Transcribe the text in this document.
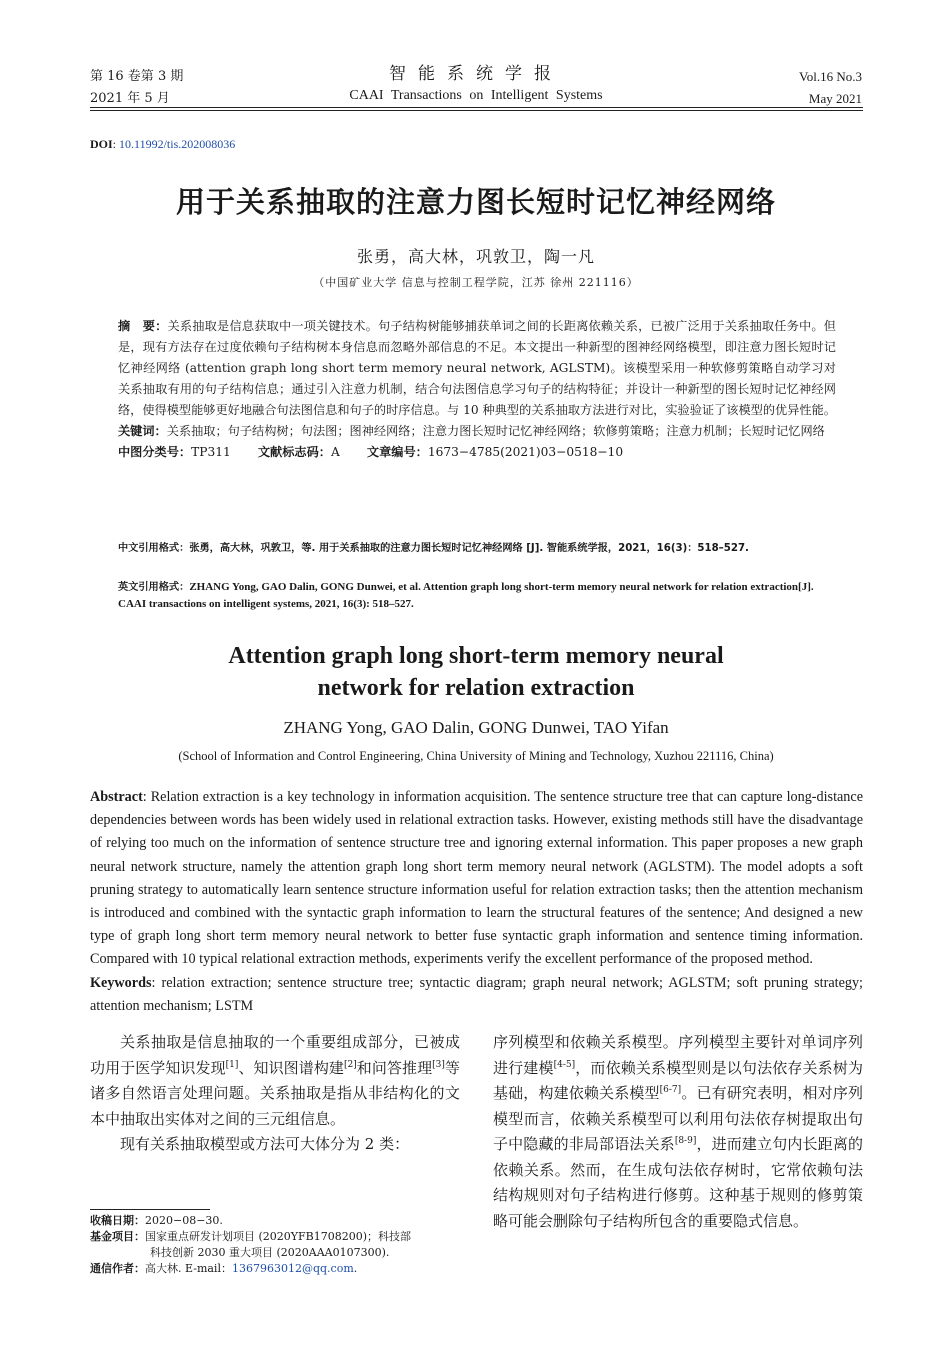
第 16 卷第 3 期
2021 年 5 月
智能系统学报
CAAI Transactions on Intelligent Systems
Vol.16 No.3
May 2021
DOI: 10.11992/tis.202008036
用于关系抽取的注意力图长短时记忆神经网络
张勇，高大林，巩敦卫，陶一凡
（中国矿业大学 信息与控制工程学院，江苏 徐州 221116）
摘　要：关系抽取是信息获取中一项关键技术。句子结构树能够捕获单词之间的长距离依赖关系，已被广泛用于关系抽取任务中。但是，现有方法存在过度依赖句子结构树本身信息而忽略外部信息的不足。本文提出一种新型的图神经网络模型，即注意力图长短时记忆神经网络 (attention graph long short term memory neural network, AGLSTM)。该模型采用一种软修剪策略自动学习对关系抽取有用的句子结构信息；通过引入注意力机制，结合句法图信息学习句子的结构特征；并设计一种新型的图长短时记忆神经网络，使得模型能够更好地融合句法图信息和句子的时序信息。与 10 种典型的关系抽取方法进行对比，实验验证了该模型的优异性能。
关键词：关系抽取；句子结构树；句法图；图神经网络；注意力图长短时记忆神经网络；软修剪策略；注意力机制；长短时记忆网络
中图分类号：TP311 文献标志码：A 文章编号：1673−4785(2021)03−0518−10
中文引用格式：张勇，高大林，巩敦卫，等. 用于关系抽取的注意力图长短时记忆神经网络 [J]. 智能系统学报，2021，16(3)：518–527.
英文引用格式：ZHANG Yong, GAO Dalin, GONG Dunwei, et al. Attention graph long short-term memory neural network for relation extraction[J]. CAAI transactions on intelligent systems, 2021, 16(3): 518–527.
Attention graph long short-term memory neural
network for relation extraction
ZHANG Yong, GAO Dalin, GONG Dunwei, TAO Yifan
(School of Information and Control Engineering, China University of Mining and Technology, Xuzhou 221116, China)
Abstract: Relation extraction is a key technology in information acquisition. The sentence structure tree that can capture long-distance dependencies between words has been widely used in relational extraction tasks. However, existing methods still have the disadvantage of relying too much on the information of sentence structure tree and ignoring external information. This paper proposes a new graph neural network structure, namely the attention graph long short term memory neural network (AGLSTM). The model adopts a soft pruning strategy to automatically learn sentence structure information useful for relation extraction tasks; then the attention mechanism is introduced and combined with the syntactic graph information to learn the structural features of the sentence; And designed a new type of graph long short term memory neural network to better fuse syntactic graph information and sentence timing information. Compared with 10 typical relational extraction methods, experiments verify the excellent performance of the proposed method.
Keywords: relation extraction; sentence structure tree; syntactic diagram; graph neural network; AGLSTM; soft pruning strategy; attention mechanism; LSTM
关系抽取是信息抽取的一个重要组成部分，已被成功用于医学知识发现[1]、知识图谱构建[2]和问答推理[3]等诸多自然语言处理问题。关系抽取是指从非结构化的文本中抽取出实体对之间的三元组信息。
现有关系抽取模型或方法可大体分为 2 类：
序列模型和依赖关系模型。序列模型主要针对单词序列进行建模[4-5]，而依赖关系模型则是以句法依存关系树为基础，构建依赖关系模型[6-7]。已有研究表明，相对序列模型而言，依赖关系模型可以利用句法依存树提取出句子中隐藏的非局部语法关系[8-9]，进而建立句内长距离的依赖关系。然而，在生成句法依存树时，它常依赖句法结构规则对句子结构进行修剪。这种基于规则的修剪策略可能会删除句子结构所包含的重要隐式信息。
收稿日期：2020−08−30.
基金项目：国家重点研发计划项目 (2020YFB1708200)；科技部
科技创新 2030 重大项目 (2020AAA0107300).
通信作者：高大林. E-mail：1367963012@qq.com.
